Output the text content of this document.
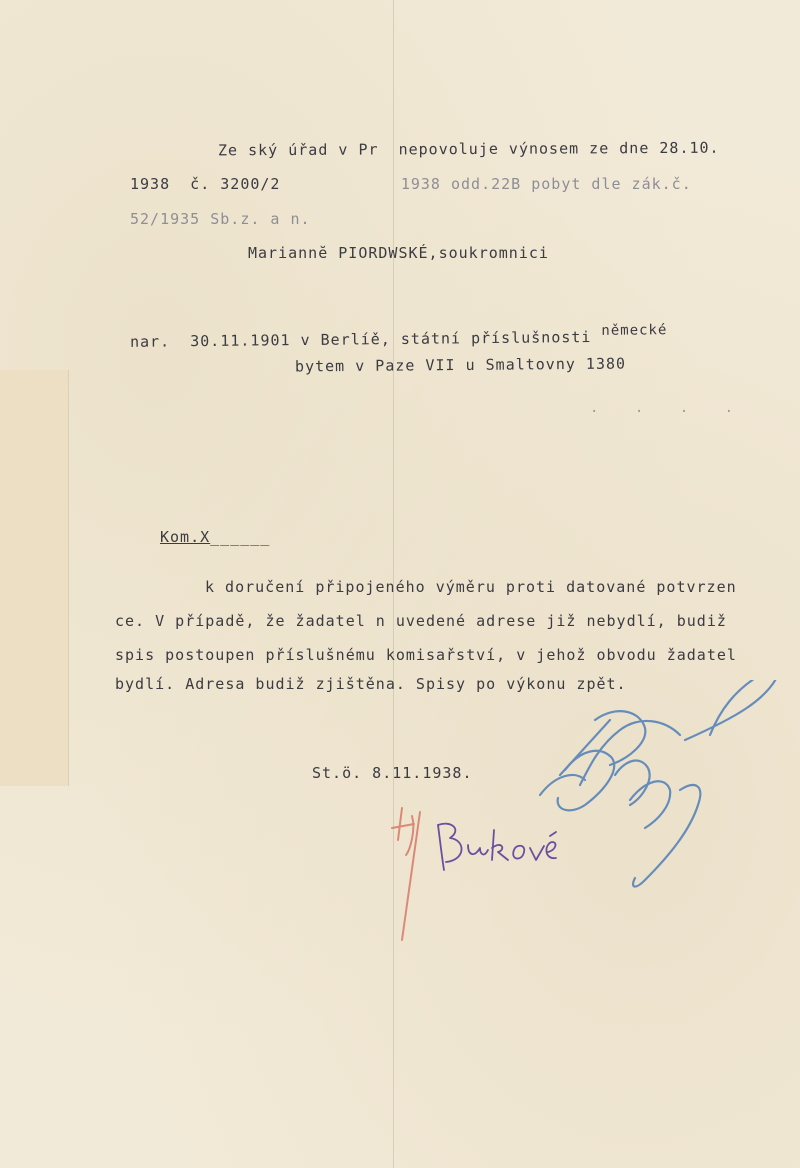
Ze ský úřad v Pr  nepovoluje výnosem ze dne 28.10.
1938  č. 3200/2	1938 odd.22B pobyt dle zák.č.
52/1935 Sb.z. a n.
Mariannĕ PIORDWSKÉ,soukromnici
nar.  30.11.1901 v Berlíě, státní příslušnosti německé
bytem v Paze VII u Smaltovny 1380
. . . .
Kom.X______
k doručení připojeného výměru proti datované potvrzen
ce. V případě, že žadatel n uvedené adrese již nebydlí, budiž
spis postoupen příslušnému komisařství, v jehož obvodu žadatel
bydlí. Adresa budiž zjištěna. Spisy po výkonu zpět.
St.ö. 8.11.1938.
